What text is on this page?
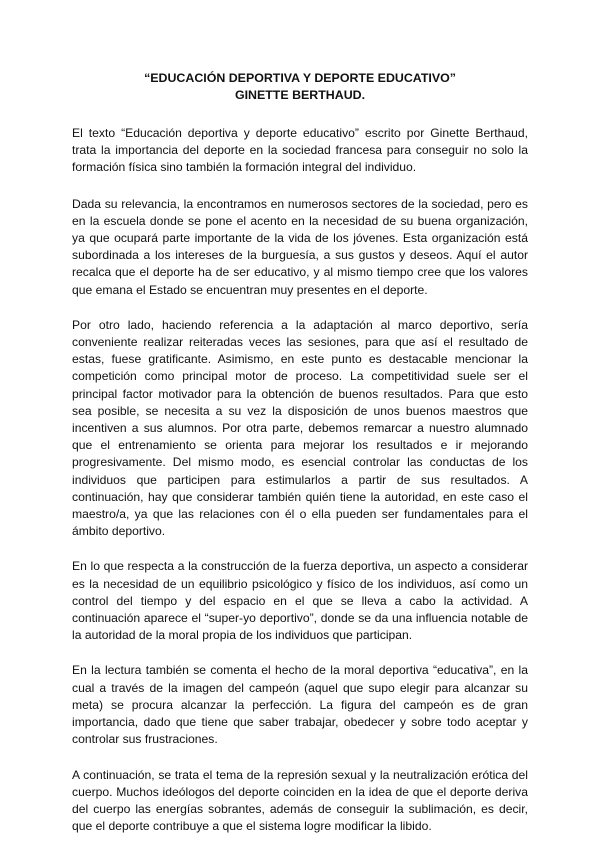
“EDUCACIÓN DEPORTIVA Y DEPORTE EDUCATIVO”
GINETTE BERTHAUD.

El texto “Educación deportiva y deporte educativo” escrito por Ginette Berthaud, trata la importancia del deporte en la sociedad francesa para conseguir no solo la formación física sino también la formación integral del individuo.

Dada su relevancia, la encontramos en numerosos sectores de la sociedad, pero es en la escuela donde se pone el acento en la necesidad de su buena organización, ya que ocupará parte importante de la vida de los jóvenes. Esta organización está subordinada a los intereses de la burguesía, a sus gustos y deseos. Aquí el autor recalca que el deporte ha de ser educativo, y al mismo tiempo cree que los valores que emana el Estado se encuentran muy presentes en el deporte.

Por otro lado, haciendo referencia a la adaptación al marco deportivo, sería conveniente realizar reiteradas veces las sesiones, para que así el resultado de estas, fuese gratificante. Asimismo, en este punto es destacable mencionar la competición como principal motor de proceso. La competitividad suele ser el principal factor motivador para la obtención de buenos resultados. Para que esto sea posible, se necesita a su vez la disposición de unos buenos maestros que incentiven a sus alumnos. Por otra parte, debemos remarcar a nuestro alumnado que el entrenamiento se orienta para mejorar los resultados e ir mejorando progresivamente. Del mismo modo, es esencial controlar las conductas de los individuos que participen para estimularlos a partir de sus resultados. A continuación, hay que considerar también quién tiene la autoridad, en este caso el maestro/a, ya que las relaciones con él o ella pueden ser fundamentales para el ámbito deportivo.

En lo que respecta a la construcción de la fuerza deportiva, un aspecto a considerar es la necesidad de un equilibrio psicológico y físico de los individuos, así como un control del tiempo y del espacio en el que se lleva a cabo la actividad. A continuación aparece el “super-yo deportivo”, donde se da una influencia notable de la autoridad de la moral propia de los individuos que participan.

En la lectura también se comenta el hecho de la moral deportiva “educativa”, en la cual a través de la imagen del campeón (aquel que supo elegir para alcanzar su meta) se procura alcanzar la perfección. La figura del campeón es de gran importancia, dado que tiene que saber trabajar, obedecer y sobre todo aceptar y controlar sus frustraciones.

A continuación, se trata el tema de la represión sexual y la neutralización erótica del cuerpo. Muchos ideólogos del deporte coinciden en la idea de que el deporte deriva del cuerpo las energías sobrantes, además de conseguir la sublimación, es decir, que el deporte contribuye a que el sistema logre modificar la libido.
